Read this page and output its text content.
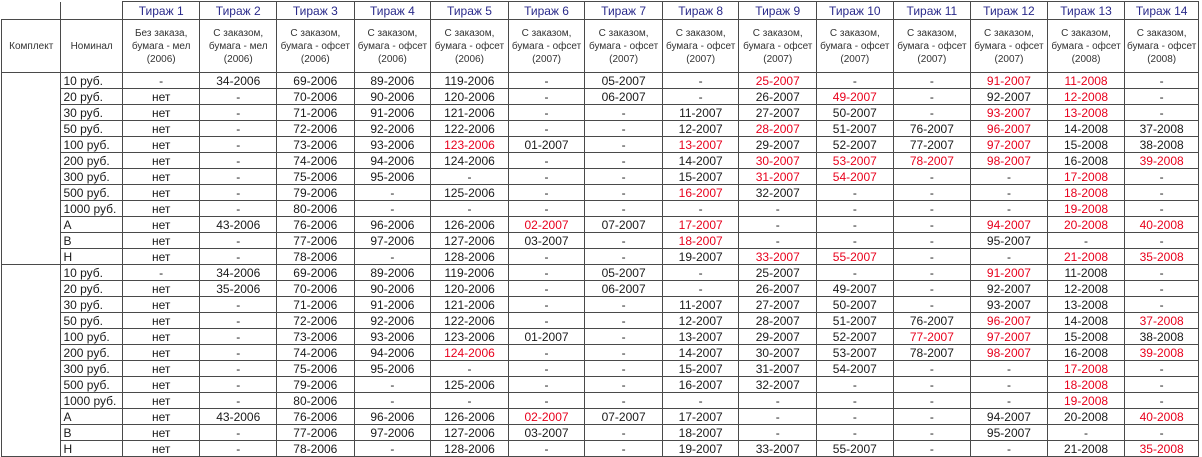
		Тираж 1	Тираж 2	Тираж 3	Тираж 4	Тираж 5	Тираж 6	Тираж 7	Тираж 8	Тираж 9	Тираж 10	Тираж 11	Тираж 12	Тираж 13	Тираж 14
Комплект	Номинал	Без заказа, бумага - мел (2006)	С заказом, бумага - мел (2006)	С заказом, бумага - офсет (2006)	С заказом, бумага - офсет (2006)	С заказом, бумага - офсет (2006)	С заказом, бумага - офсет (2007)	С заказом, бумага - офсет (2007)	С заказом, бумага - офсет (2007)	С заказом, бумага - офсет (2007)	С заказом, бумага - офсет (2007)	С заказом, бумага - офсет (2007)	С заказом, бумага - офсет (2007)	С заказом, бумага - офсет (2008)	С заказом, бумага - офсет (2008)
	10 руб.	-	34-2006	69-2006	89-2006	119-2006	-	05-2007	-	25-2007	-	-	91-2007	11-2008	-
	20 руб.	нет	-	70-2006	90-2006	120-2006	-	06-2007	-	26-2007	49-2007	-	92-2007	12-2008	-
	30 руб.	нет	-	71-2006	91-2006	121-2006	-	-	11-2007	27-2007	50-2007	-	93-2007	13-2008	-
	50 руб.	нет	-	72-2006	92-2006	122-2006	-	-	12-2007	28-2007	51-2007	76-2007	96-2007	14-2008	37-2008
	100 руб.	нет	-	73-2006	93-2006	123-2006	01-2007	-	13-2007	29-2007	52-2007	77-2007	97-2007	15-2008	38-2008
	200 руб.	нет	-	74-2006	94-2006	124-2006	-	-	14-2007	30-2007	53-2007	78-2007	98-2007	16-2008	39-2008
	300 руб.	нет	-	75-2006	95-2006	-	-	-	15-2007	31-2007	54-2007	-	-	17-2008	-
	500 руб.	нет	-	79-2006	-	125-2006	-	-	16-2007	32-2007	-	-	-	18-2008	-
	1000 руб.	нет	-	80-2006	-	-	-	-	-	-	-	-	-	19-2008	-
	А	нет	43-2006	76-2006	96-2006	126-2006	02-2007	07-2007	17-2007	-	-	-	94-2007	20-2008	40-2008
	В	нет	-	77-2006	97-2006	127-2006	03-2007	-	18-2007	-	-	-	95-2007	-	-
	Н	нет	-	78-2006	-	128-2006	-	-	19-2007	33-2007	55-2007	-	-	21-2008	35-2008
	10 руб.	-	34-2006	69-2006	89-2006	119-2006	-	05-2007	-	25-2007	-	-	91-2007	11-2008	-
	20 руб.	нет	35-2006	70-2006	90-2006	120-2006	-	06-2007	-	26-2007	49-2007	-	92-2007	12-2008	-
	30 руб.	нет	-	71-2006	91-2006	121-2006	-	-	11-2007	27-2007	50-2007	-	93-2007	13-2008	-
	50 руб.	нет	-	72-2006	92-2006	122-2006	-	-	12-2007	28-2007	51-2007	76-2007	96-2007	14-2008	37-2008
	100 руб.	нет	-	73-2006	93-2006	123-2006	01-2007	-	13-2007	29-2007	52-2007	77-2007	97-2007	15-2008	38-2008
	200 руб.	нет	-	74-2006	94-2006	124-2006	-	-	14-2007	30-2007	53-2007	78-2007	98-2007	16-2008	39-2008
	300 руб.	нет	-	75-2006	95-2006	-	-	-	15-2007	31-2007	54-2007	-	-	17-2008	-
	500 руб.	нет	-	79-2006	-	125-2006	-	-	16-2007	32-2007	-	-	-	18-2008	-
	1000 руб.	нет	-	80-2006	-	-	-	-	-	-	-	-	-	19-2008	-
	А	нет	43-2006	76-2006	96-2006	126-2006	02-2007	07-2007	17-2007	-	-	-	94-2007	20-2008	40-2008
	В	нет	-	77-2006	97-2006	127-2006	03-2007	-	18-2007	-	-	-	95-2007	-	-
	Н	нет	-	78-2006	-	128-2006	-	-	19-2007	33-2007	55-2007	-	-	21-2008	35-2008
